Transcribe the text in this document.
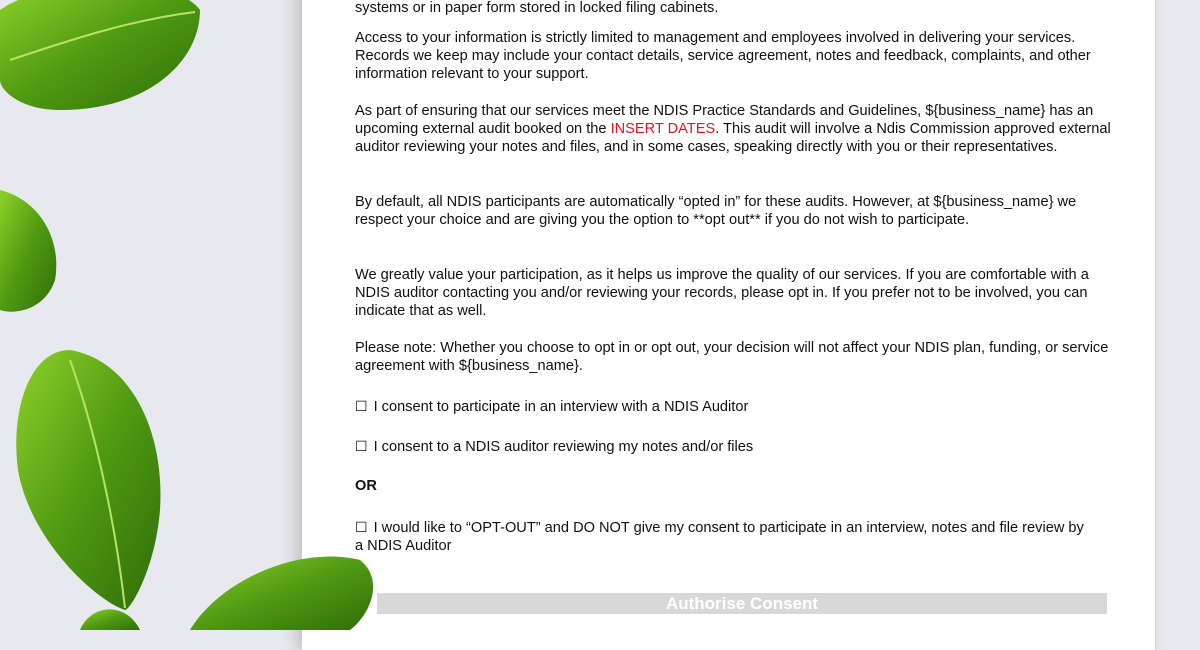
systems or in paper form stored in locked filing cabinets.

Access to your information is strictly limited to management and employees involved in delivering your services. Records we keep may include your contact details, service agreement, notes and feedback, complaints, and other information relevant to your support.

As part of ensuring that our services meet the NDIS Practice Standards and Guidelines, ${business_name} has an upcoming external audit booked on the INSERT DATES. This audit will involve a Ndis Commission approved external auditor reviewing your notes and files, and in some cases, speaking directly with you or their representatives.

By default, all NDIS participants are automatically “opted in” for these audits. However, at ${business_name} we respect your choice and are giving you the option to **opt out** if you do not wish to participate.

We greatly value your participation, as it helps us improve the quality of our services. If you are comfortable with a NDIS auditor contacting you and/or reviewing your records, please opt in. If you prefer not to be involved, you can indicate that as well.

Please note: Whether you choose to opt in or opt out, your decision will not affect your NDIS plan, funding, or service agreement with ${business_name}.

☐ I consent to participate in an interview with a NDIS Auditor

☐ I consent to a NDIS auditor reviewing my notes and/or files

OR

☐ I would like to “OPT-OUT” and DO NOT give my consent to participate in an interview, notes and file review by a NDIS Auditor

Authorise Consent
